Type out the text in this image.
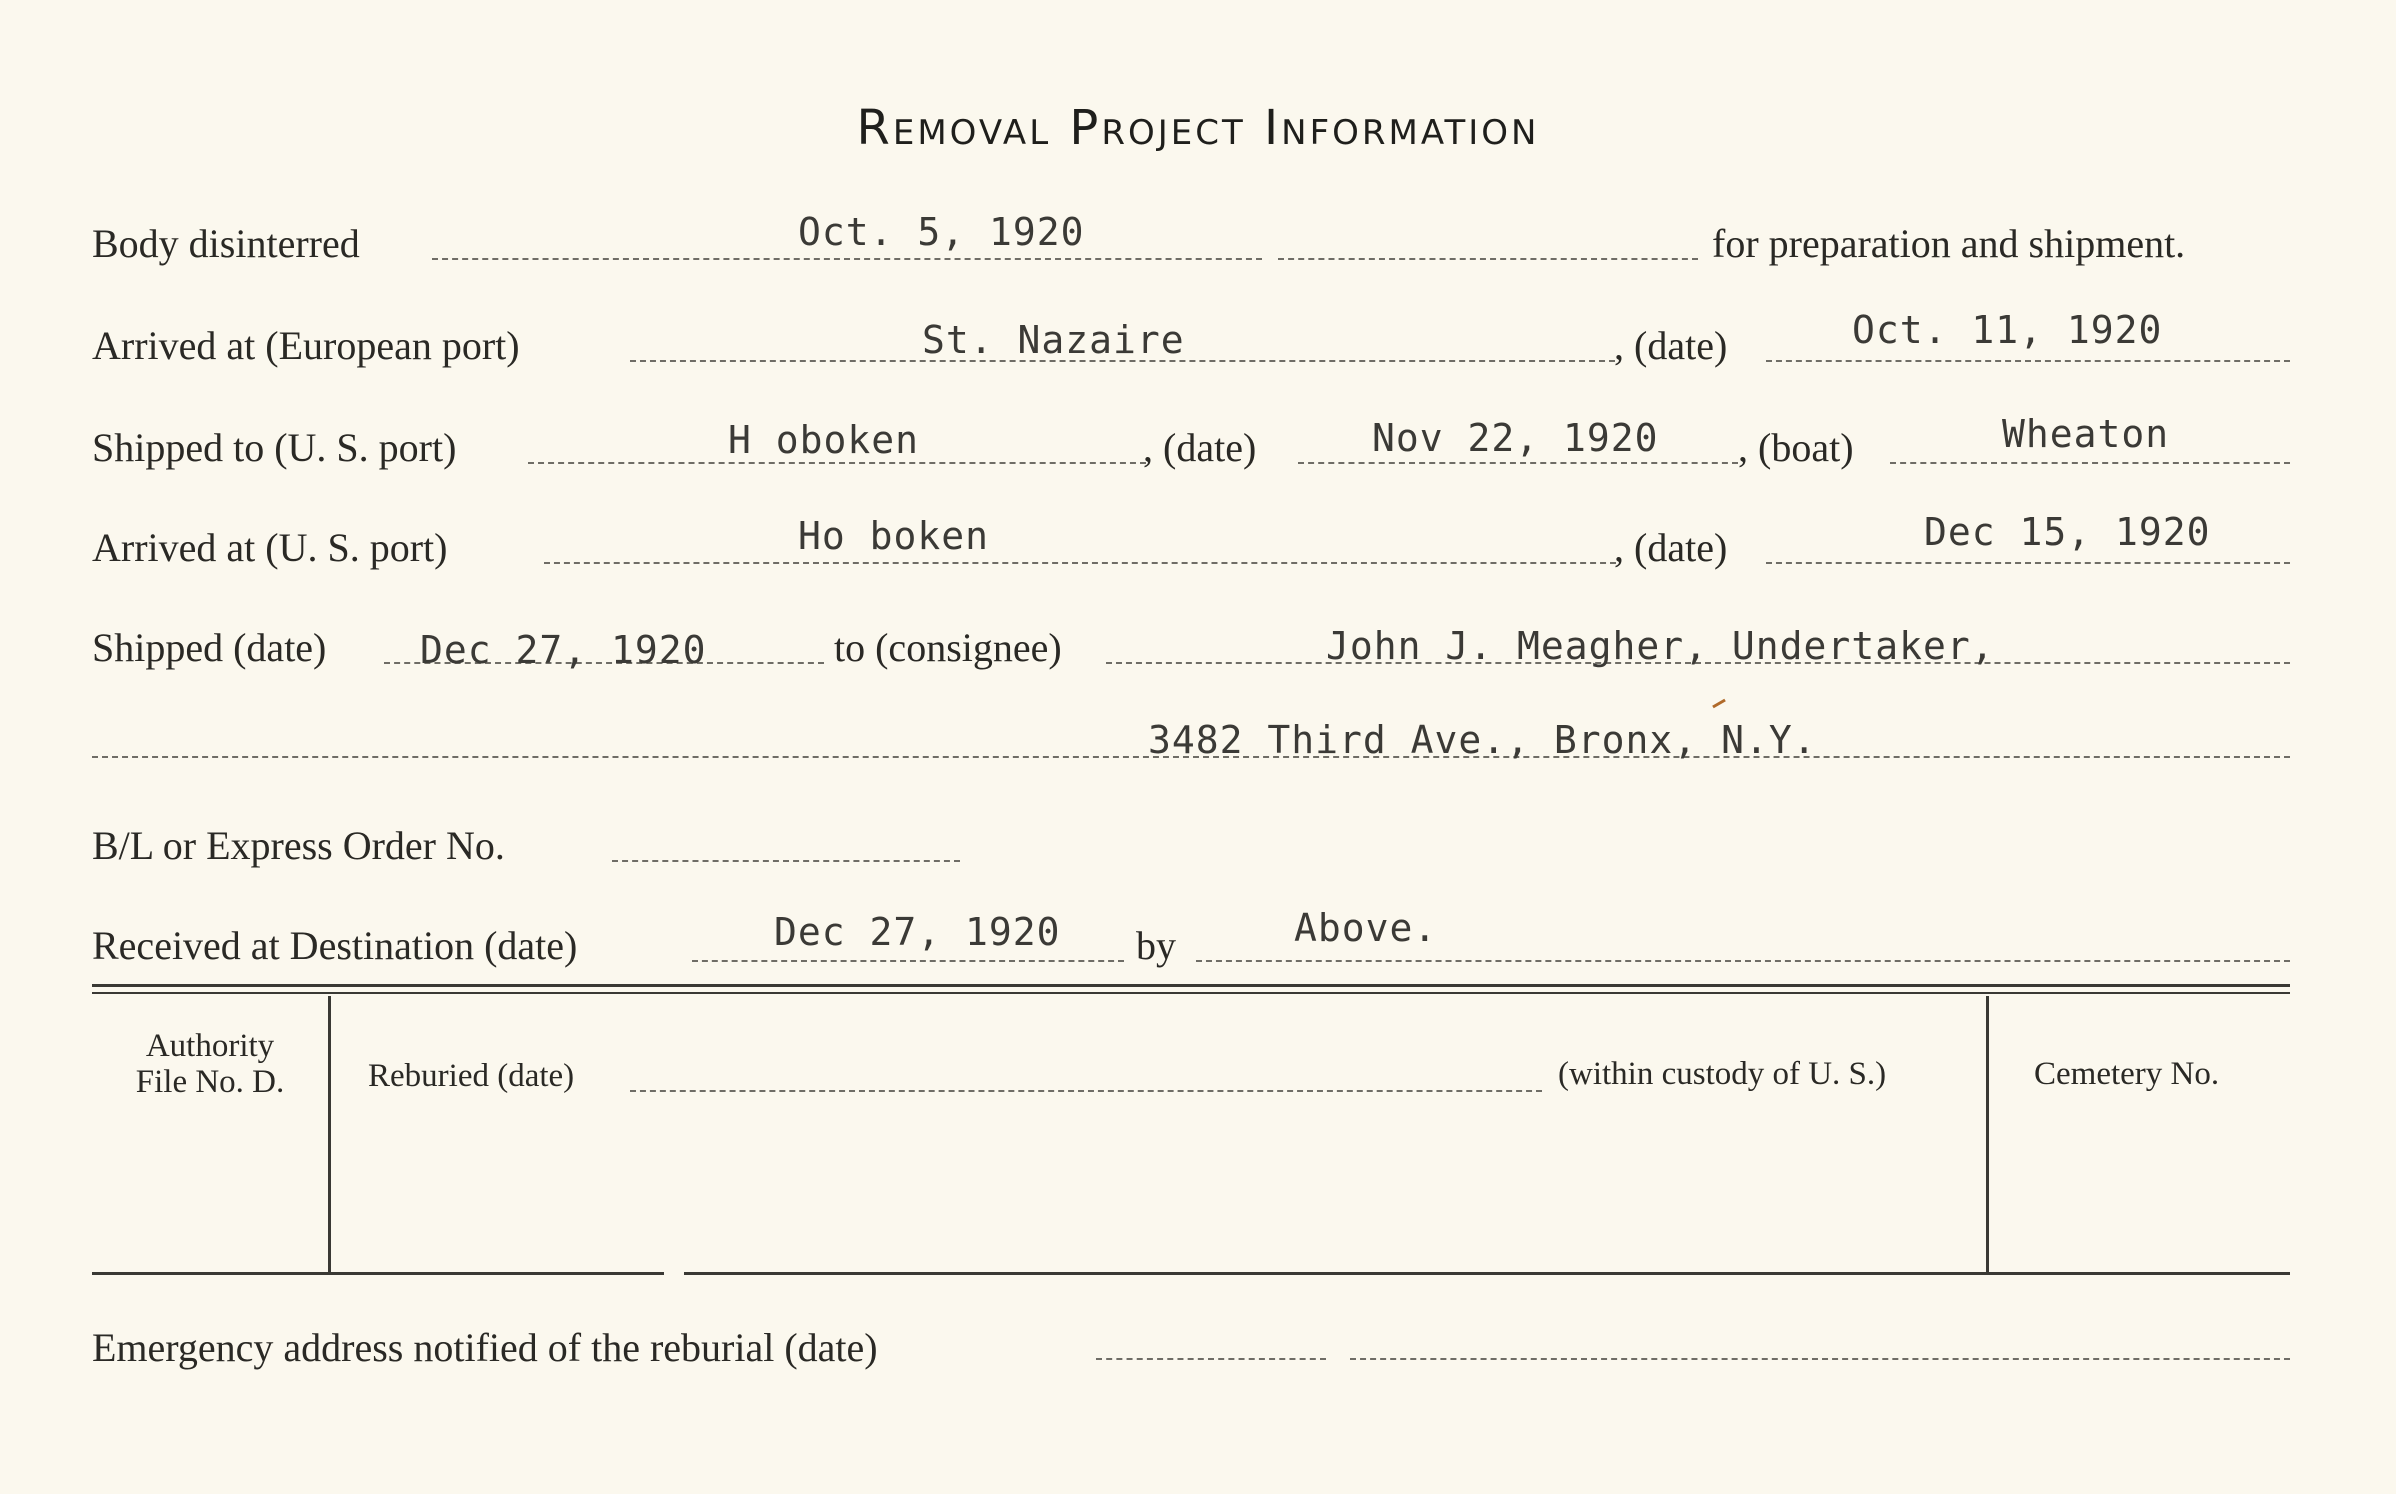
Removal Project Information
Body disinterred	Oct. 5, 1920	for preparation and shipment.
Arrived at (European port)	St. Nazaire	, (date)	Oct. 11, 1920
Shipped to (U. S. port)	H oboken	, (date)	Nov 22, 1920 , (boat)	Wheaton
Arrived at (U. S. port)	Ho boken	, (date)	Dec 15, 1920
Shipped (date) Dec 27, 1920	to (consignee)	John J. Meagher, Undertaker,
3482 Third Ave., Bronx, N.Y.
B/L or Express Order No.
Received at Destination (date)	Dec 27, 1920 by	Above.
Authority
File No. D.	Reburied (date)	(within custody of U. S.)	Cemetery No.
Emergency address notified of the reburial (date)
